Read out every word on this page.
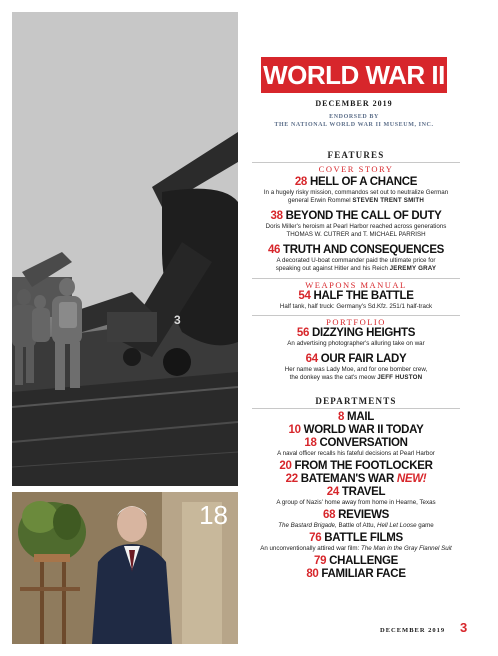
3
18
WORLD WAR II
DECEMBER 2019
ENDORSED BY
THE NATIONAL WORLD WAR II MUSEUM, INC.
FEATURES
COVER STORY
28 HELL OF A CHANCE
In a hugely risky mission, commandos set out to neutralize German
general Erwin Rommel STEVEN TRENT SMITH
38 BEYOND THE CALL OF DUTY
Doris Miller's heroism at Pearl Harbor reached across generations
THOMAS W. CUTRER and T. MICHAEL PARRISH
46 TRUTH AND CONSEQUENCES
A decorated U-boat commander paid the ultimate price for
speaking out against Hitler and his Reich JEREMY GRAY
WEAPONS MANUAL
54 HALF THE BATTLE
Half tank, half truck: Germany's Sd.Kfz. 251/1 half-track
PORTFOLIO
56 DIZZYING HEIGHTS
An advertising photographer's alluring take on war
64 OUR FAIR LADY
Her name was Lady Moe, and for one bomber crew,
the donkey was the cat's meow JEFF HUSTON
DEPARTMENTS
8 MAIL
10 WORLD WAR II TODAY
18 CONVERSATION
A naval officer recalls his fateful decisions at Pearl Harbor
20 FROM THE FOOTLOCKER
22 BATEMAN'S WAR NEW!
24 TRAVEL
A group of Nazis' home away from home in Hearne, Texas
68 REVIEWS
The Bastard Brigade, Battle of Attu, Hell Let Loose game
76 BATTLE FILMS
An unconventionally attired war film: The Man in the Gray Flannel Suit
79 CHALLENGE
80 FAMILIAR FACE
DECEMBER 2019 3
